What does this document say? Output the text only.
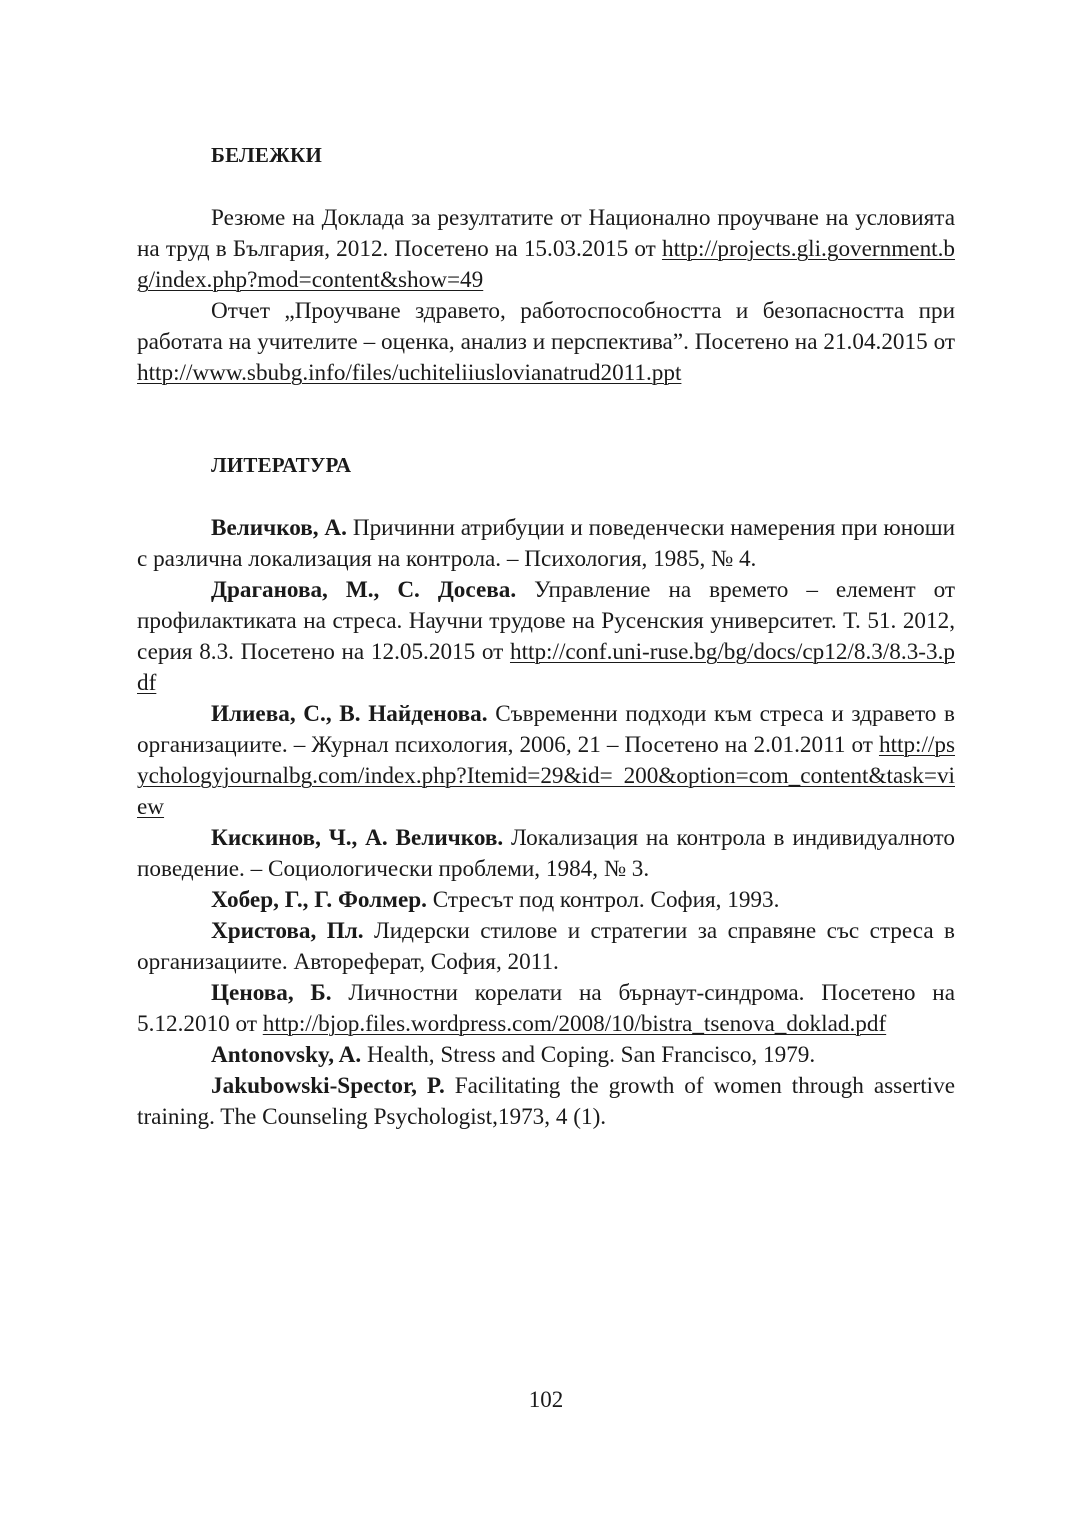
БЕЛЕЖКИ

Резюме на Доклада за резултатите от Национално проучване на условията на труд в България, 2012. Посетено на 15.03.2015 от http://projects.gli.government.bg/index.php?mod=content&show=49

Отчет „Проучване здравето, работоспособността и безопасността при работата на учителите – оценка, анализ и перспектива”. Посетено на 21.04.2015 от http://www.sbubg.info/files/uchiteliiuslovianatrud2011.ppt

ЛИТЕРАТУРА

Величков, А. Причинни атрибуции и поведенчески намерения при юноши с различна локализация на контрола. – Психология, 1985, № 4.

Драганова, М., С. Досева. Управление на времето – елемент от профилактиката на стреса. Научни трудове на Русенския университет. Т. 51. 2012, серия 8.3. Посетено на 12.05.2015 от http://conf.uni-ruse.bg/bg/docs/cp12/8.3/8.3-3.pdf

Илиева, С., В. Найденова. Съвременни подходи към стреса и здравето в организациите. – Журнал психология, 2006, 21 – Посетено на 2.01.2011 от http://psychologyjournalbg.com/index.php?Itemid=29&id= 200&option=com_content&task=view

Кискинов, Ч., А. Величков. Локализация на контрола в индивидуалното поведение. – Социологически проблеми, 1984, № 3.

Хобер, Г., Г. Фолмер. Стресът под контрол. София, 1993.

Христова, Пл. Лидерски стилове и стратегии за справяне със стреса в организациите. Автореферат, София, 2011.

Ценова, Б. Личностни корелати на бърнаут-синдрома. Посетено на 5.12.2010 от http://bjop.files.wordpress.com/2008/10/bistra_tsenova_doklad.pdf

Antonovsky, A. Health, Stress and Coping. San Francisco, 1979.

Jakubowski-Spector, P. Facilitating the growth of women through assertive training. The Counseling Psychologist,1973, 4 (1).

102
